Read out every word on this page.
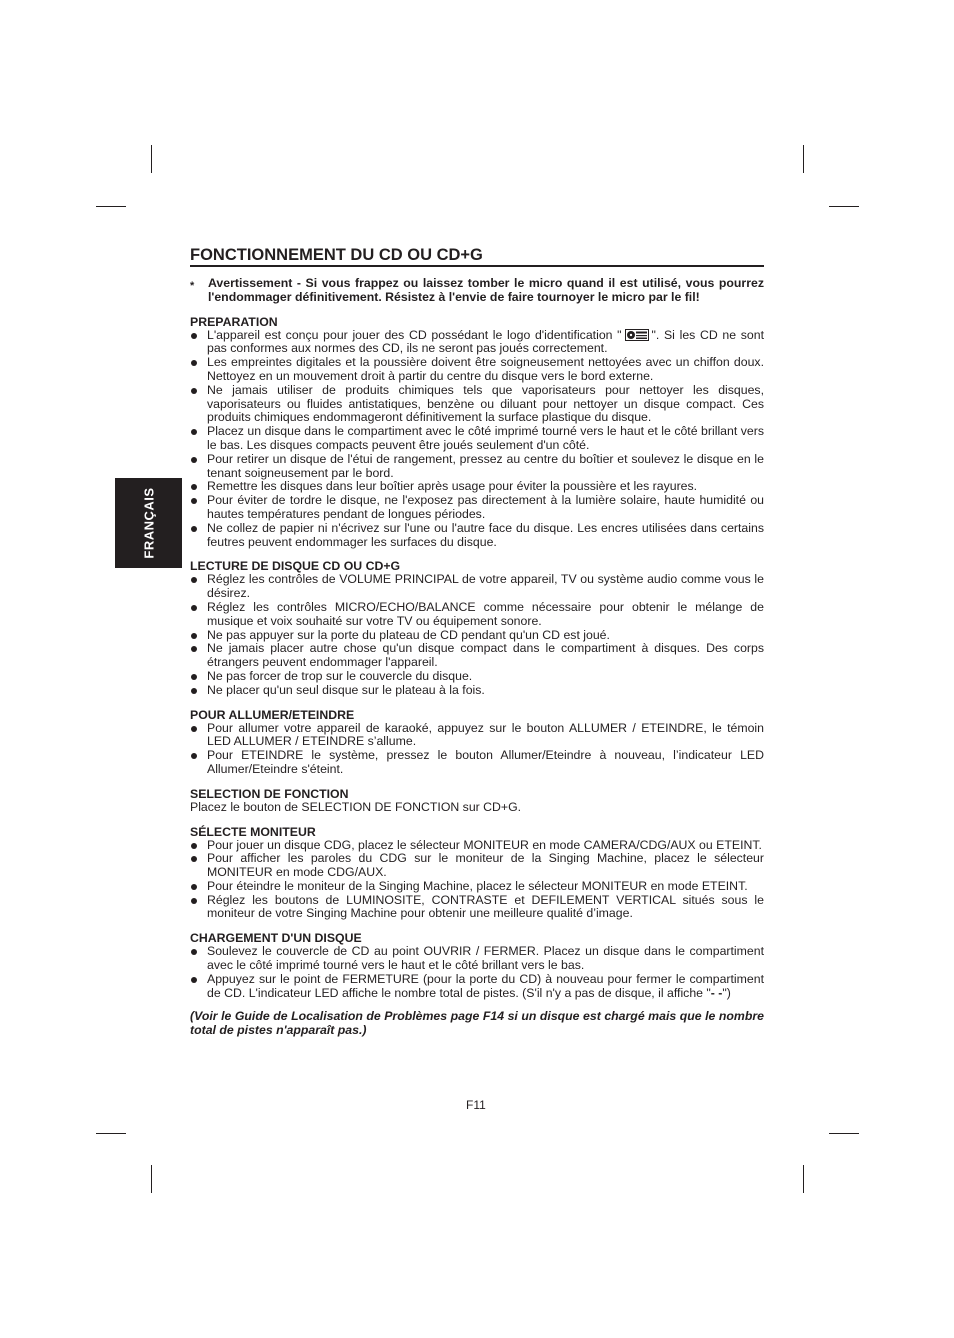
FRANÇAIS
FONCTIONNEMENT DU CD OU CD+G
* Avertissement - Si vous frappez ou laissez tomber le micro quand il est utilisé, vous pourrez l'endommager définitivement. Résistez à l'envie de faire tournoyer le micro par le fil!
PREPARATION
L'appareil est conçu pour jouer des CD possédant le logo d'identification " ". Si les CD ne sont pas conformes aux normes des CD, ils ne seront pas joués correctement.
Les empreintes digitales et la poussière doivent être soigneusement nettoyées avec un chiffon doux. Nettoyez en un mouvement droit à partir du centre du disque vers le bord externe.
Ne jamais utiliser de produits chimiques tels que vaporisateurs pour nettoyer les disques, vaporisateurs ou fluides antistatiques, benzène ou diluant pour nettoyer un disque compact. Ces produits chimiques endommageront définitivement la surface plastique du disque.
Placez un disque dans le compartiment avec le côté imprimé tourné vers le haut et le côté brillant vers le bas. Les disques compacts peuvent être joués seulement d'un côté.
Pour retirer un disque de l'étui de rangement, pressez au centre du boîtier et soulevez le disque en le tenant soigneusement par le bord.
Remettre les disques dans leur boîtier après usage pour éviter la poussière et les rayures.
Pour éviter de tordre le disque, ne l'exposez pas directement à la lumière solaire, haute humidité ou hautes températures pendant de longues périodes.
Ne collez de papier ni n'écrivez sur l'une ou l'autre face du disque. Les encres utilisées dans certains feutres peuvent endommager les surfaces du disque.
LECTURE DE DISQUE CD OU CD+G
Réglez les contrôles de VOLUME PRINCIPAL de votre appareil, TV ou système audio comme vous le désirez.
Réglez les contrôles MICRO/ECHO/BALANCE comme nécessaire pour obtenir le mélange de musique et voix souhaité sur votre TV ou équipement sonore.
Ne pas appuyer sur la porte du plateau de CD pendant qu'un CD est joué.
Ne jamais placer autre chose qu'un disque compact dans le compartiment à disques. Des corps étrangers peuvent endommager l'appareil.
Ne pas forcer de trop sur le couvercle du disque.
Ne placer qu'un seul disque sur le plateau à la fois.
POUR ALLUMER/ETEINDRE
Pour allumer votre appareil de karaoké, appuyez sur le bouton ALLUMER / ETEINDRE, le témoin LED ALLUMER / ETEINDRE s’allume.
Pour ETEINDRE le système, pressez le bouton Allumer/Eteindre à nouveau, l’indicateur LED Allumer/Eteindre s'éteint.
SELECTION DE FONCTION

Placez le bouton de SELECTION DE FONCTION sur CD+G.

SÉLECTE MONITEUR
Pour jouer un disque CDG, placez le sélecteur MONITEUR en mode CAMERA/CDG/AUX ou ETEINT.
Pour afficher les paroles du CDG sur le moniteur de la Singing Machine, placez le sélecteur MONITEUR en mode CDG/AUX.
Pour éteindre le moniteur de la Singing Machine, placez le sélecteur MONITEUR en mode ETEINT.
Réglez les boutons de LUMINOSITE, CONTRASTE et DEFILEMENT VERTICAL situés sous le moniteur de votre Singing Machine pour obtenir une meilleure qualité d’image.
CHARGEMENT D'UN DISQUE
Soulevez le couvercle de CD au point OUVRIR / FERMER. Placez un disque dans le compartiment avec le côté imprimé tourné vers le haut et le côté brillant vers le bas.
Appuyez sur le point de FERMETURE (pour la porte du CD) à nouveau pour fermer le compartiment de CD. L'indicateur LED affiche le nombre total de pistes. (S'il n'y a pas de disque, il affiche "- -")
(Voir le Guide de Localisation de Problèmes page F14 si un disque est chargé mais que le nombre total de pistes n'apparaît pas.)
F11
